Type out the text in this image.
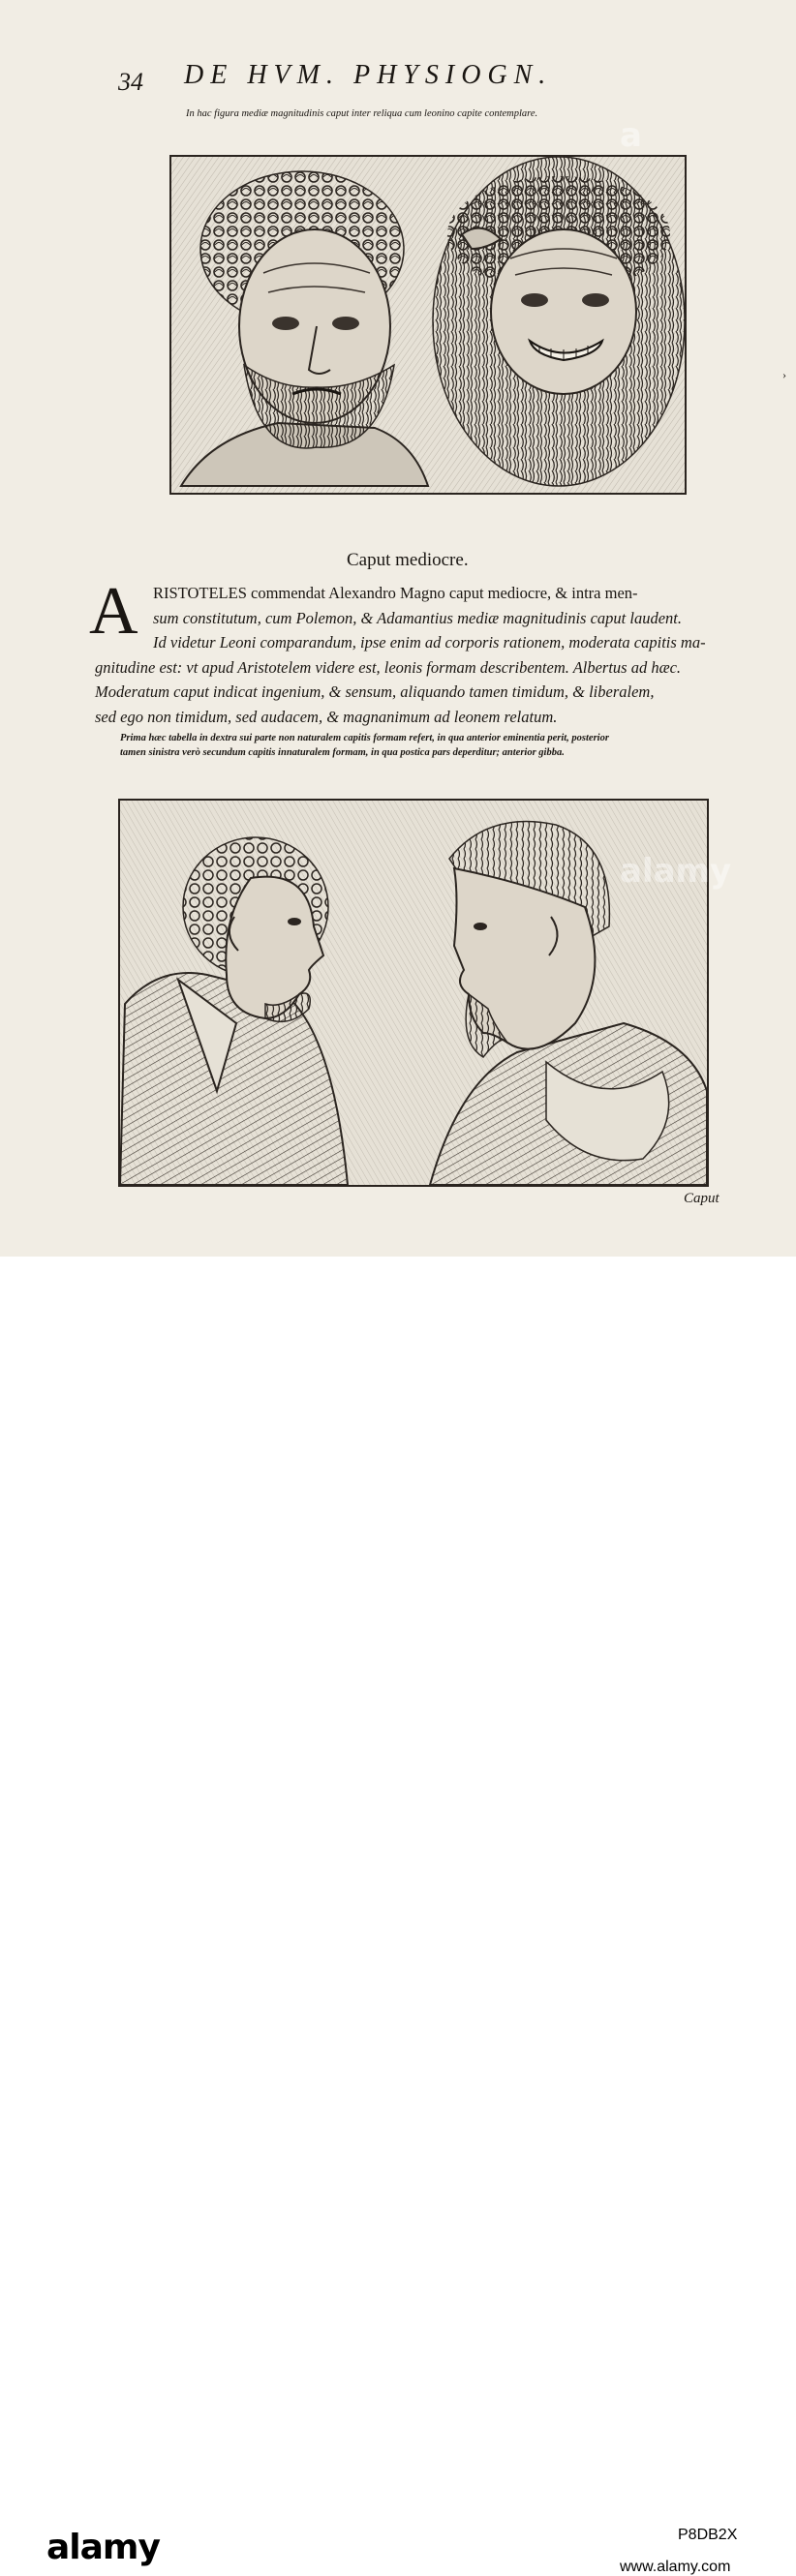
34 DE HVM. PHYSIOGN.
In hac figura mediæ magnitudinis caput inter reliqua cum leonino capite contemplare.
Caput mediocre.
A RISTOTELES commendat Alexandro Magno caput mediocre, & intra men-
sum constitutum, cum Polemon, & Adamantius mediæ magnitudinis caput laudent.
Id videtur Leoni comparandum, ipse enim ad corporis rationem, moderata capitis ma-
gnitudine est: vt apud Aristotelem videre est, leonis formam describentem. Albertus ad hæc.
Moderatum caput indicat ingenium, & sensum, aliquando tamen timidum, & liberalem,
sed ego non timidum, sed audacem, & magnanimum ad leonem relatum.
Prima hæc tabella in dextra sui parte non naturalem capitis formam refert, in qua anterior eminentia perit, posterior
tamen sinistra verò secundum capitis innaturalem formam, in qua postica pars deperditur; anterior gibba.
Caput
›
a
alamy
alamy	P8DB2X
www.alamy.com
